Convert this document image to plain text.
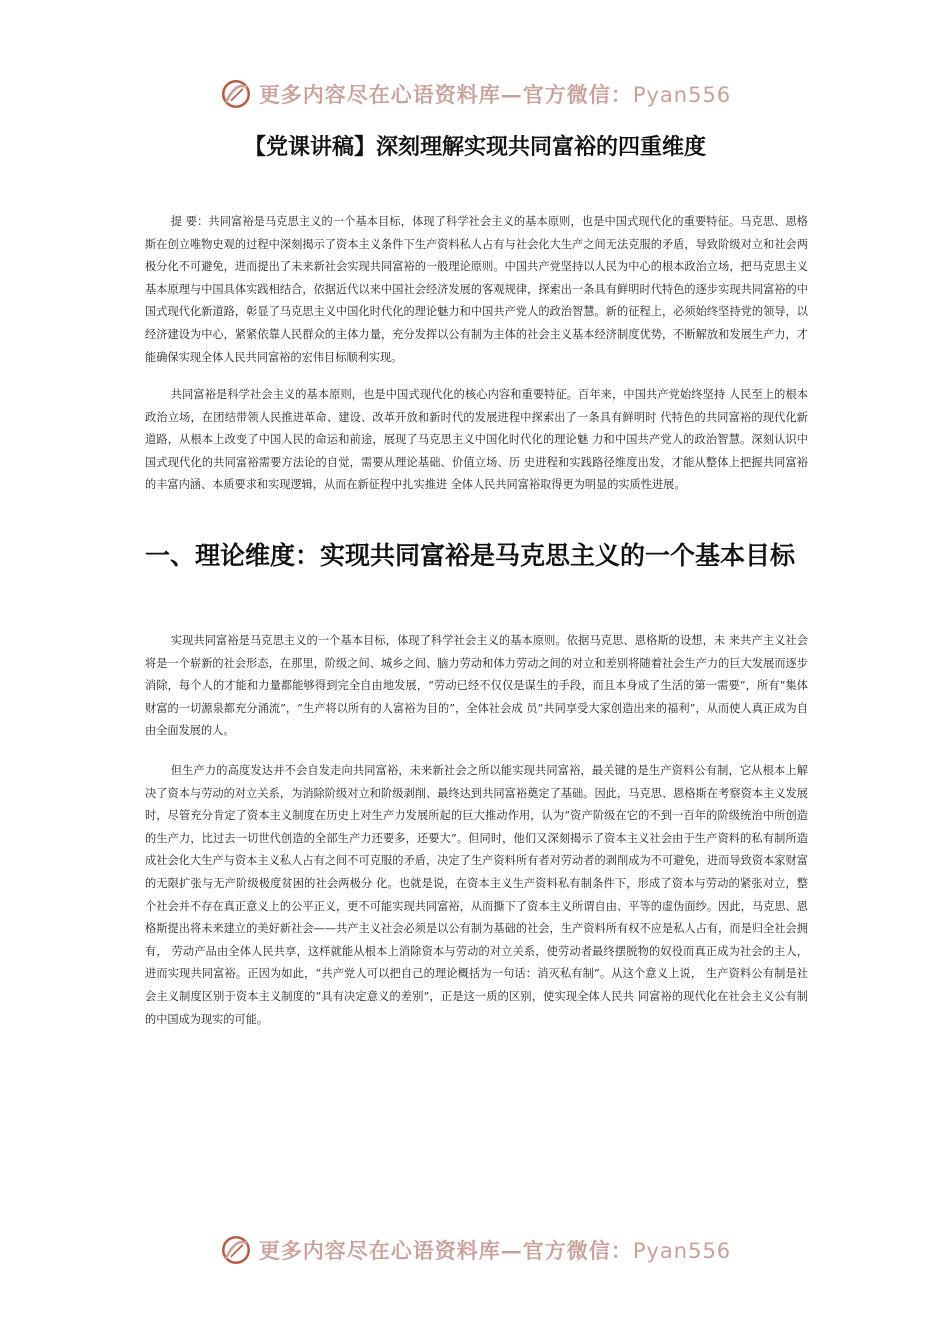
更多内容尽在心语资料库—官方微信：Pyan556
【党课讲稿】深刻理解实现共同富裕的四重维度

提 要：共同富裕是马克思主义的一个基本目标，体现了科学社会主义的基本原则，也是中国式现代化的重要特征。马克思、恩格斯在创立唯物史观的过程中深刻揭示了资本主义条件下生产资料私人占有与社会化大生产之间无法克服的矛盾，导致阶级对立和社会两极分化不可避免，进而提出了未来新社会实现共同富裕的一般理论原则。中国共产党坚持以人民为中心的根本政治立场，把马克思主义基本原理与中国具体实践相结合，依据近代以来中国社会经济发展的客观规律，探索出一条具有鲜明时代特色的逐步实现共同富裕的中国式现代化新道路，彰显了马克思主义中国化时代化的理论魅力和中国共产党人的政治智慧。新的征程上，必须始终坚持党的领导，以经济建设为中心，紧紧依靠人民群众的主体力量，充分发挥以公有制为主体的社会主义基本经济制度优势，不断解放和发展生产力，才能确保实现全体人民共同富裕的宏伟目标顺利实现。

共同富裕是科学社会主义的基本原则，也是中国式现代化的核心内容和重要特征。百年来，中国共产党始终坚持 人民至上的根本政治立场，在团结带领人民推进革命、建设、改革开放和新时代的发展进程中探索出了一条具有鲜明时 代特色的共同富裕的现代化新道路，从根本上改变了中国人民的命运和前途，展现了马克思主义中国化时代化的理论魅 力和中国共产党人的政治智慧。深刻认识中国式现代化的共同富裕需要方法论的自觉，需要从理论基础、价值立场、历 史进程和实践路径维度出发，才能从整体上把握共同富裕的丰富内涵、本质要求和实现逻辑，从而在新征程中扎实推进 全体人民共同富裕取得更为明显的实质性进展。

一、理论维度：实现共同富裕是马克思主义的一个基本目标

实现共同富裕是马克思主义的一个基本目标，体现了科学社会主义的基本原则。依据马克思、恩格斯的设想，未 来共产主义社会将是一个崭新的社会形态，在那里，阶级之间、城乡之间、脑力劳动和体力劳动之间的对立和差别将随着社会生产力的巨大发展而逐步消除，每个人的才能和力量都能够得到完全自由地发展，“劳动已经不仅仅是谋生的手段，而且本身成了生活的第一需要”，所有“集体财富的一切源泉都充分涌流”，“生产将以所有的人富裕为目的”，全体社会成 员“共同享受大家创造出来的福利”，从而使人真正成为自由全面发展的人。

但生产力的高度发达并不会自发走向共同富裕，未来新社会之所以能实现共同富裕，最关键的是生产资料公有制，它从根本上解决了资本与劳动的对立关系，为消除阶级对立和阶级剥削、最终达到共同富裕奠定了基础。因此，马克思、恩格斯在考察资本主义发展时，尽管充分肯定了资本主义制度在历史上对生产力发展所起的巨大推动作用，认为“资产阶级在它的不到一百年的阶级统治中所创造的生产力，比过去一切世代创造的全部生产力还要多，还要大”。但同时，他们又深刻揭示了资本主义社会由于生产资料的私有制所造成社会化大生产与资本主义私人占有之间不可克服的矛盾，决定了生产资料所有者对劳动者的剥削成为不可避免，进而导致资本家财富的无限扩张与无产阶级极度贫困的社会两极分 化。也就是说，在资本主义生产资料私有制条件下，形成了资本与劳动的紧张对立，整个社会并不存在真正意义上的公平正义，更不可能实现共同富裕，从而撕下了资本主义所谓自由、平等的虚伪面纱。因此，马克思、恩格斯提出将未来建立的美好新社会——共产主义社会必须是以公有制为基础的社会，生产资料所有权不应是私人占有，而是归全社会拥有， 劳动产品由全体人民共享，这样就能从根本上消除资本与劳动的对立关系，使劳动者最终摆脱物的奴役而真正成为社会的主人，进而实现共同富裕。正因为如此，“共产党人可以把自己的理论概括为一句话：消灭私有制”。从这个意义上说， 生产资料公有制是社会主义制度区别于资本主义制度的“具有决定意义的差别”，正是这一质的区别，使实现全体人民共 同富裕的现代化在社会主义公有制的中国成为现实的可能。

更多内容尽在心语资料库—官方微信：Pyan556
